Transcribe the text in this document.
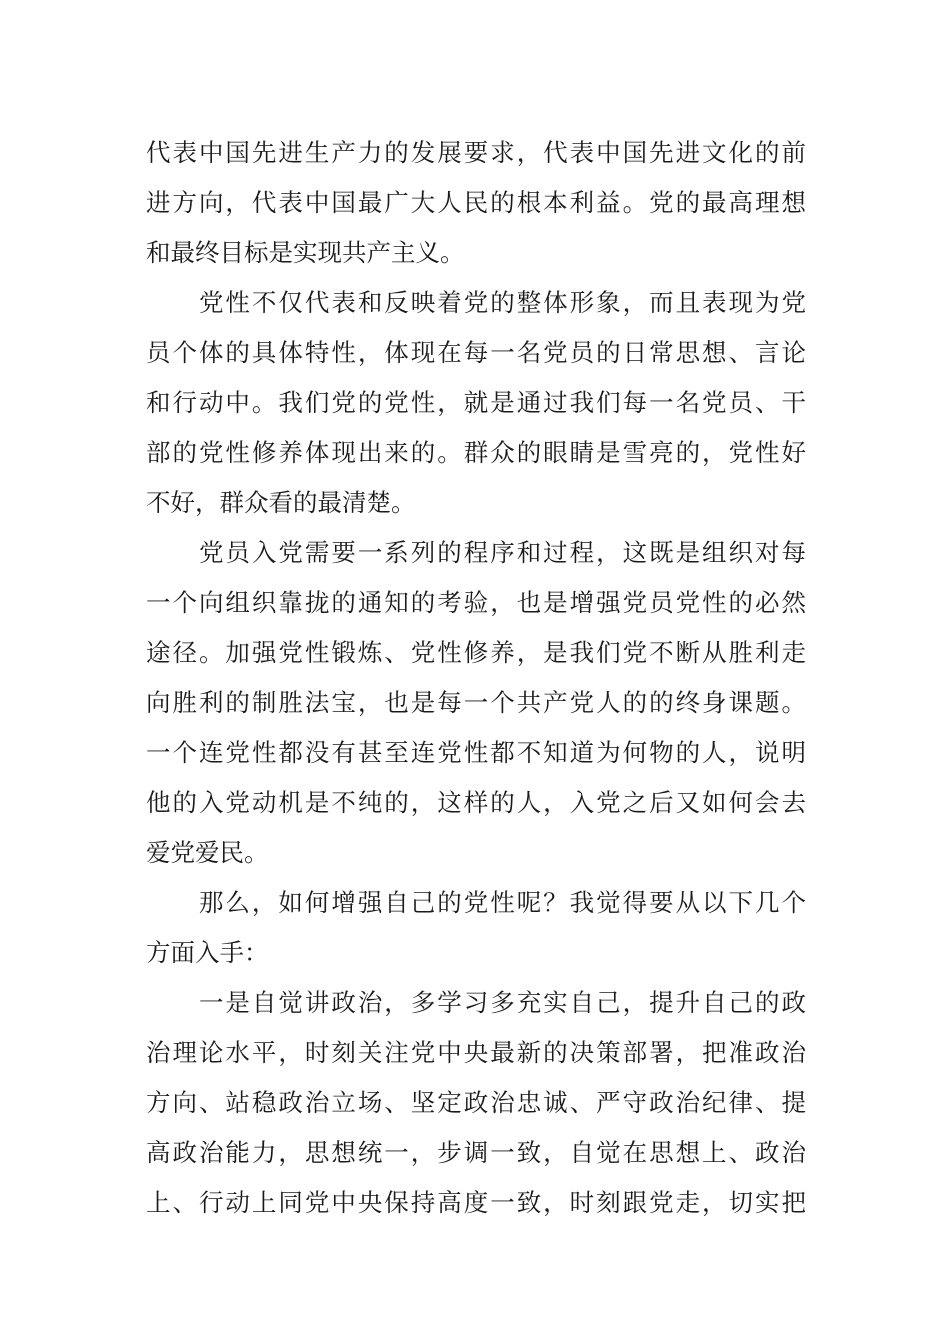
代表中国先进生产力的发展要求，代表中国先进文化的前
进方向，代表中国最广大人民的根本利益。党的最高理想
和最终目标是实现共产主义。
　　党性不仅代表和反映着党的整体形象，而且表现为党
员个体的具体特性，体现在每一名党员的日常思想、言论
和行动中。我们党的党性，就是通过我们每一名党员、干
部的党性修养体现出来的。群众的眼睛是雪亮的，党性好
不好，群众看的最清楚。
　　党员入党需要一系列的程序和过程，这既是组织对每
一个向组织靠拢的通知的考验，也是增强党员党性的必然
途径。加强党性锻炼、党性修养，是我们党不断从胜利走
向胜利的制胜法宝，也是每一个共产党人的的终身课题。
一个连党性都没有甚至连党性都不知道为何物的人，说明
他的入党动机是不纯的，这样的人，入党之后又如何会去
爱党爱民。
　　那么，如何增强自己的党性呢？我觉得要从以下几个
方面入手：
　　一是自觉讲政治，多学习多充实自己，提升自己的政
治理论水平，时刻关注党中央最新的决策部署，把准政治
方向、站稳政治立场、坚定政治忠诚、严守政治纪律、提
高政治能力，思想统一，步调一致，自觉在思想上、政治
上、行动上同党中央保持高度一致，时刻跟党走，切实把
